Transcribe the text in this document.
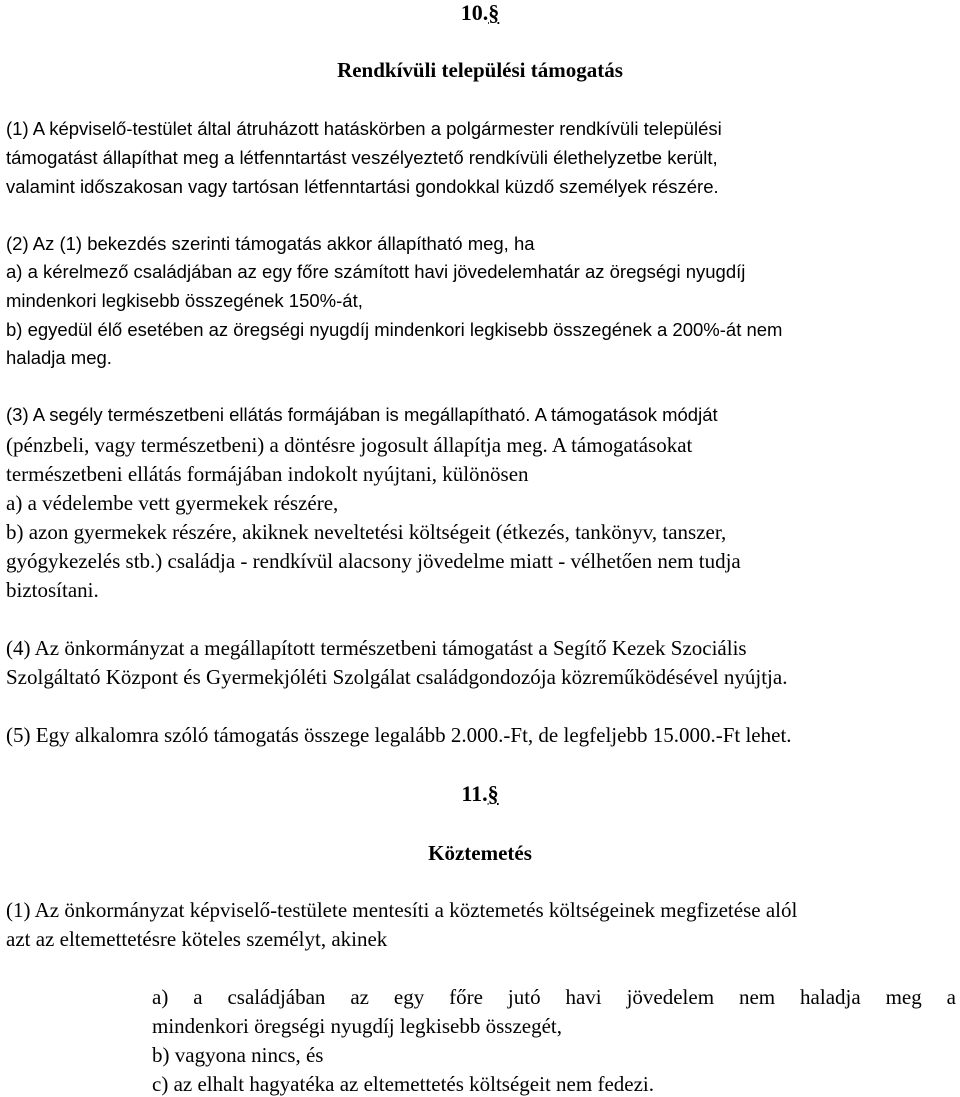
10.§
Rendkívüli települési támogatás
(1) A képviselő-testület által átruházott hatáskörben a polgármester rendkívüli települési
támogatást állapíthat meg a létfenntartást veszélyeztető rendkívüli élethelyzetbe került,
valamint időszakosan vagy tartósan létfenntartási gondokkal küzdő személyek részére.
(2) Az (1) bekezdés szerinti támogatás akkor állapítható meg, ha
a) a kérelmező családjában az egy főre számított havi jövedelemhatár az öregségi nyugdíj
mindenkori legkisebb összegének 150%-át,
b) egyedül élő esetében az öregségi nyugdíj mindenkori legkisebb összegének a 200%-át nem
haladja meg.
(3) A segély természetbeni ellátás formájában is megállapítható. A támogatások módját
(pénzbeli, vagy természetbeni) a döntésre jogosult állapítja meg. A támogatásokat
természetbeni ellátás formájában indokolt nyújtani, különösen
a) a védelembe vett gyermekek részére,
b) azon gyermekek részére, akiknek neveltetési költségeit (étkezés, tankönyv, tanszer,
gyógykezelés stb.) családja - rendkívül alacsony jövedelme miatt - vélhetően nem tudja
biztosítani.
(4) Az önkormányzat a megállapított természetbeni támogatást a Segítő Kezek Szociális
Szolgáltató Központ és Gyermekjóléti Szolgálat családgondozója közreműködésével nyújtja.
(5) Egy alkalomra szóló támogatás összege legalább 2.000.-Ft, de legfeljebb 15.000.-Ft lehet.
11.§
Köztemetés
(1) Az önkormányzat képviselő-testülete mentesíti a köztemetés költségeinek megfizetése alól
azt az eltemettetésre köteles személyt, akinek
a) a családjában az egy főre jutó havi jövedelem nem haladja meg a
mindenkori öregségi nyugdíj legkisebb összegét,
b) vagyona nincs, és
c) az elhalt hagyatéka az eltemettetés költségeit nem fedezi.
